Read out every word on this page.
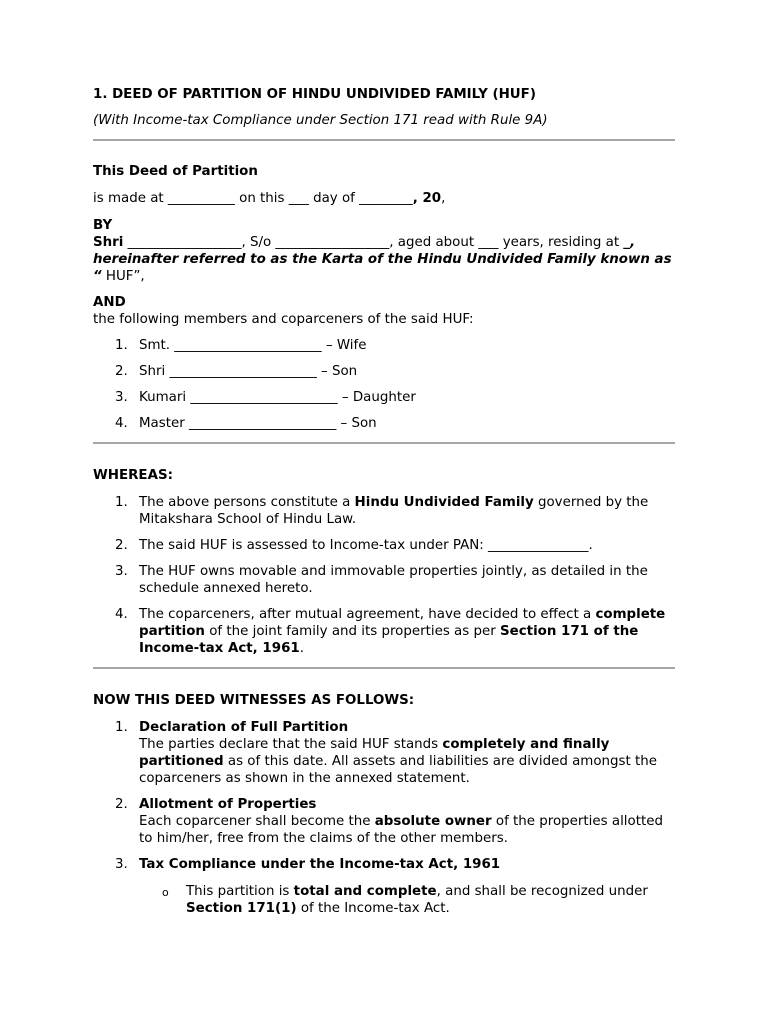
1. DEED OF PARTITION OF HINDU UNDIVIDED FAMILY (HUF)

(With Income-tax Compliance under Section 171 read with Rule 9A)

This Deed of Partition

is made at __________ on this ___ day of ________, 20,

BY

Shri _________________, S/o _________________, aged about ___ years, residing at _, hereinafter referred to as the Karta of the Hindu Undivided Family known as “ HUF”,

AND

the following members and coparceners of the said HUF:

1. Smt. ______________________ – Wife
2. Shri ______________________ – Son
3. Kumari ______________________ – Daughter
4. Master ______________________ – Son

WHEREAS:

1. The above persons constitute a Hindu Undivided Family governed by the Mitakshara School of Hindu Law.
2. The said HUF is assessed to Income-tax under PAN: _______________.
3. The HUF owns movable and immovable properties jointly, as detailed in the schedule annexed hereto.
4. The coparceners, after mutual agreement, have decided to effect a complete partition of the joint family and its properties as per Section 171 of the Income-tax Act, 1961.

NOW THIS DEED WITNESSES AS FOLLOWS:

1. Declaration of Full Partition
The parties declare that the said HUF stands completely and finally partitioned as of this date. All assets and liabilities are divided amongst the coparceners as shown in the annexed statement.
2. Allotment of Properties
Each coparcener shall become the absolute owner of the properties allotted to him/her, free from the claims of the other members.
3. Tax Compliance under the Income-tax Act, 1961
o This partition is total and complete, and shall be recognized under Section 171(1) of the Income-tax Act.
